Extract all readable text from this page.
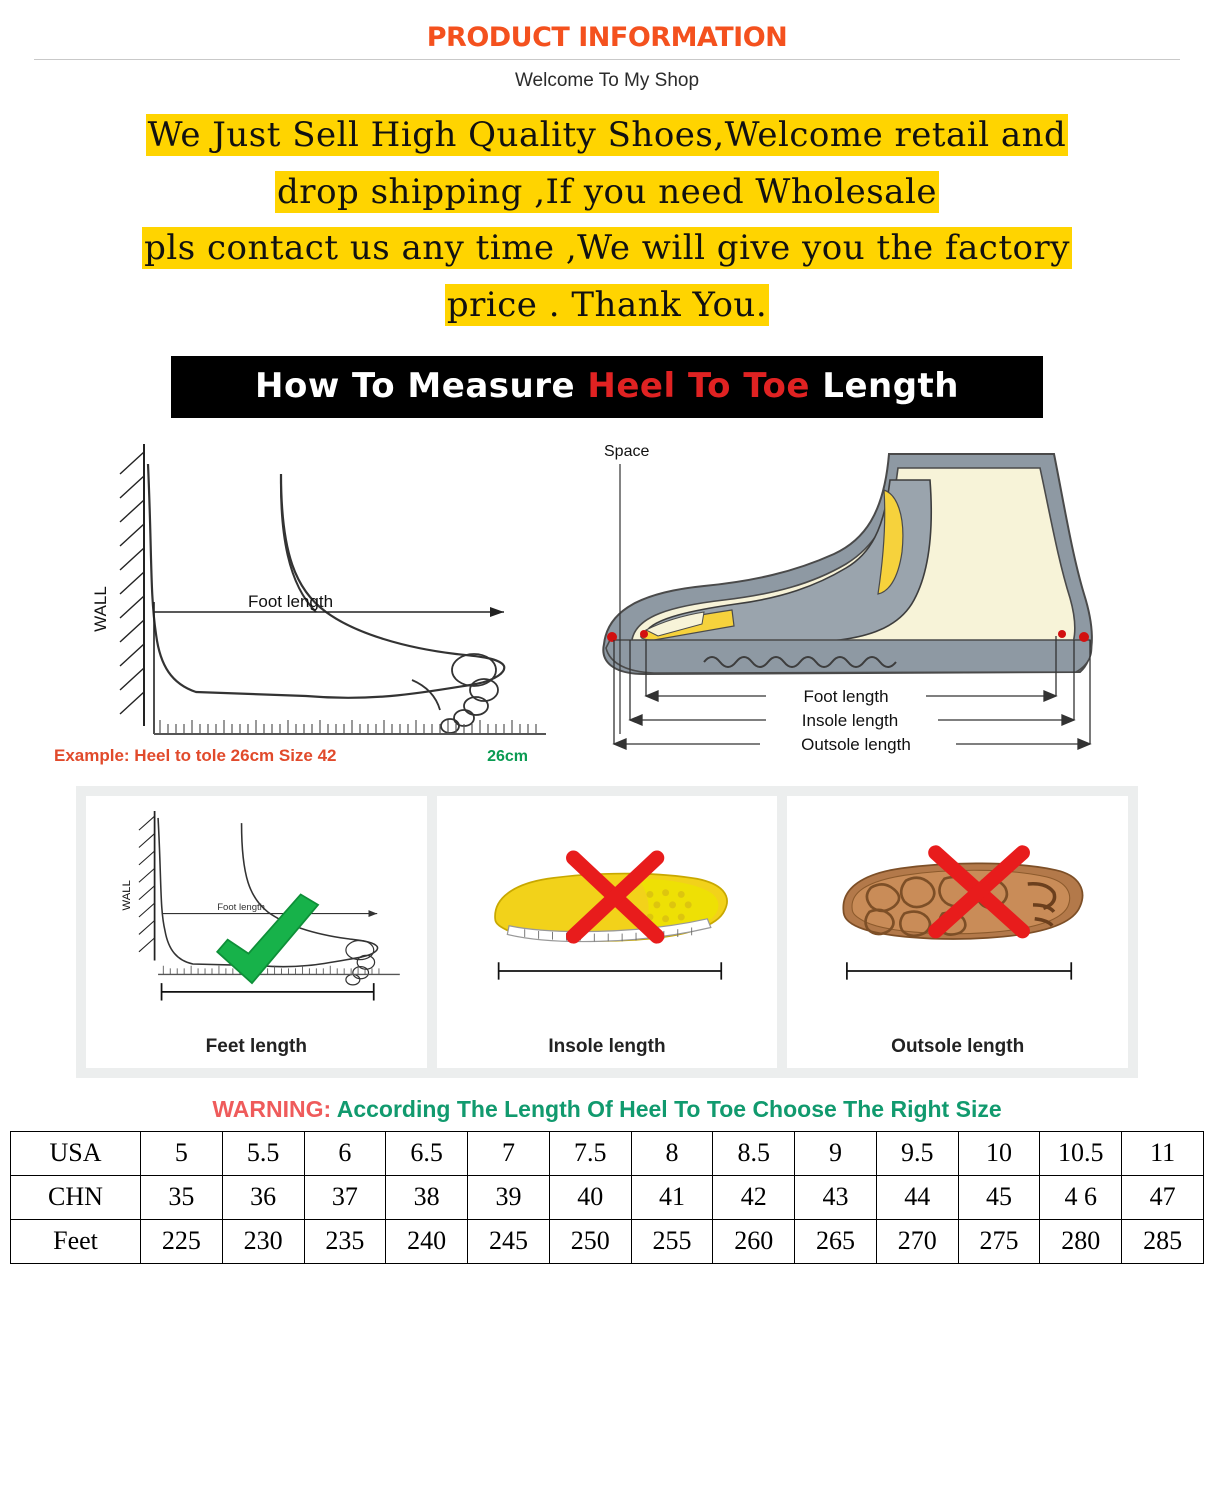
PRODUCT INFORMATION
Welcome To My Shop

We Just Sell High Quality Shoes,Welcome retail and

drop shipping ,If you need Wholesale

pls contact us any time ,We will give you the factory

price . Thank You.

How To Measure Heel To Toe Length
WALL	Foot length
Example: Heel to tole 26cm Size 42	26cm
Space
Foot length
Insole length
Outsole length
WALL	Foot length
Feet length	Insole length	Outsole length
WARNING: According The Length Of Heel To Toe Choose The Right Size
USA	5	5.5	6	6.5	7	7.5	8	8.5	9	9.5	10	10.5	11
CHN	35	36	37	38	39	40	41	42	43	44	45	4 6	47
Feet	225	230	235	240	245	250	255	260	265	270	275	280	285
